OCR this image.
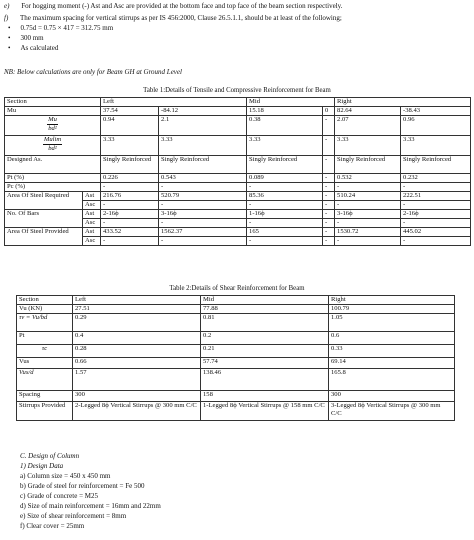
e) For hogging moment (-) Ast and Asc are provided at the bottom face and top face of the beam section respectively.
f) The maximum spacing for vertical stirrups as per IS 456:2000, Clause 26.5.1.1, should be at least of the following;
• 0.75d = 0.75 × 417 = 312.75 mm
• 300 mm
• As calculated
NB: Below calculations are only for Beam GH at Ground Level
Table 1:Details of Tensile and Compressive Reinforcement for Beam
Section		Left		Mid		Right	
Mu		37.54	-84.12	15.18	0	82.64	-38.43

$\frac{Mu}{\text{bd²}}$		0.94	2.1	0.38	-	2.07	0.96

$\frac{Mulim}{\text{bd²}}$		3.33	3.33	3.33	-	3.33	3.33
Designed As.		Singly Reinforced	Singly Reinforced	Singly Reinforced	-	Singly Reinforced	Singly Reinforced
Pt (%)		0.226	0.543	0.089	-	0.532	0.232
Pc (%)		-	-	-	-	-	-
Area Of Steel Required	Ast	216.76	520.79	85.36	-	510.24	222.51
	Asc	-	-	-	-	-	-
No. Of Bars	Ast	2-16ϕ	3-16ϕ	1-16ϕ	-	3-16ϕ	2-16ϕ
	Asc	-	-	-	-	-	-
Area Of Steel Provided	Ast	433.52	1562.37	165	-	1530.72	445.02
	Asc	-	-	-	-	-	-
Table 2:Details of Shear Reinforcement for Beam
Section	Left	Mid	Right
Vu (KN)	27.51	77.88	100.79
τv = Vu/bd	0.29	0.81	1.05
Pt	0.4	0.2	0.6
τc	0.28	0.21	0.33
Vus	0.66	57.74	69.14
Vus/d	1.57	138.46	165.8
Spacing	300	158	300
Stirrups Provided	2-Legged 8ϕ Vertical Stirrups @ 300 mm C/C	1-Legged 8ϕ Vertical Stirrups @ 158 mm C/C	3-Legged 8ϕ Vertical Stirrups @ 300 mm C/C
C. Design of Column
1) Design Data
a) Column size = 450 x 450 mm
b) Grade of steel for reinforcement = Fe 500
c) Grade of concrete = M25
d) Size of main reinforcement = 16mm and 22mm
e) Size of shear reinforcement = 8mm
f) Clear cover = 25mm
